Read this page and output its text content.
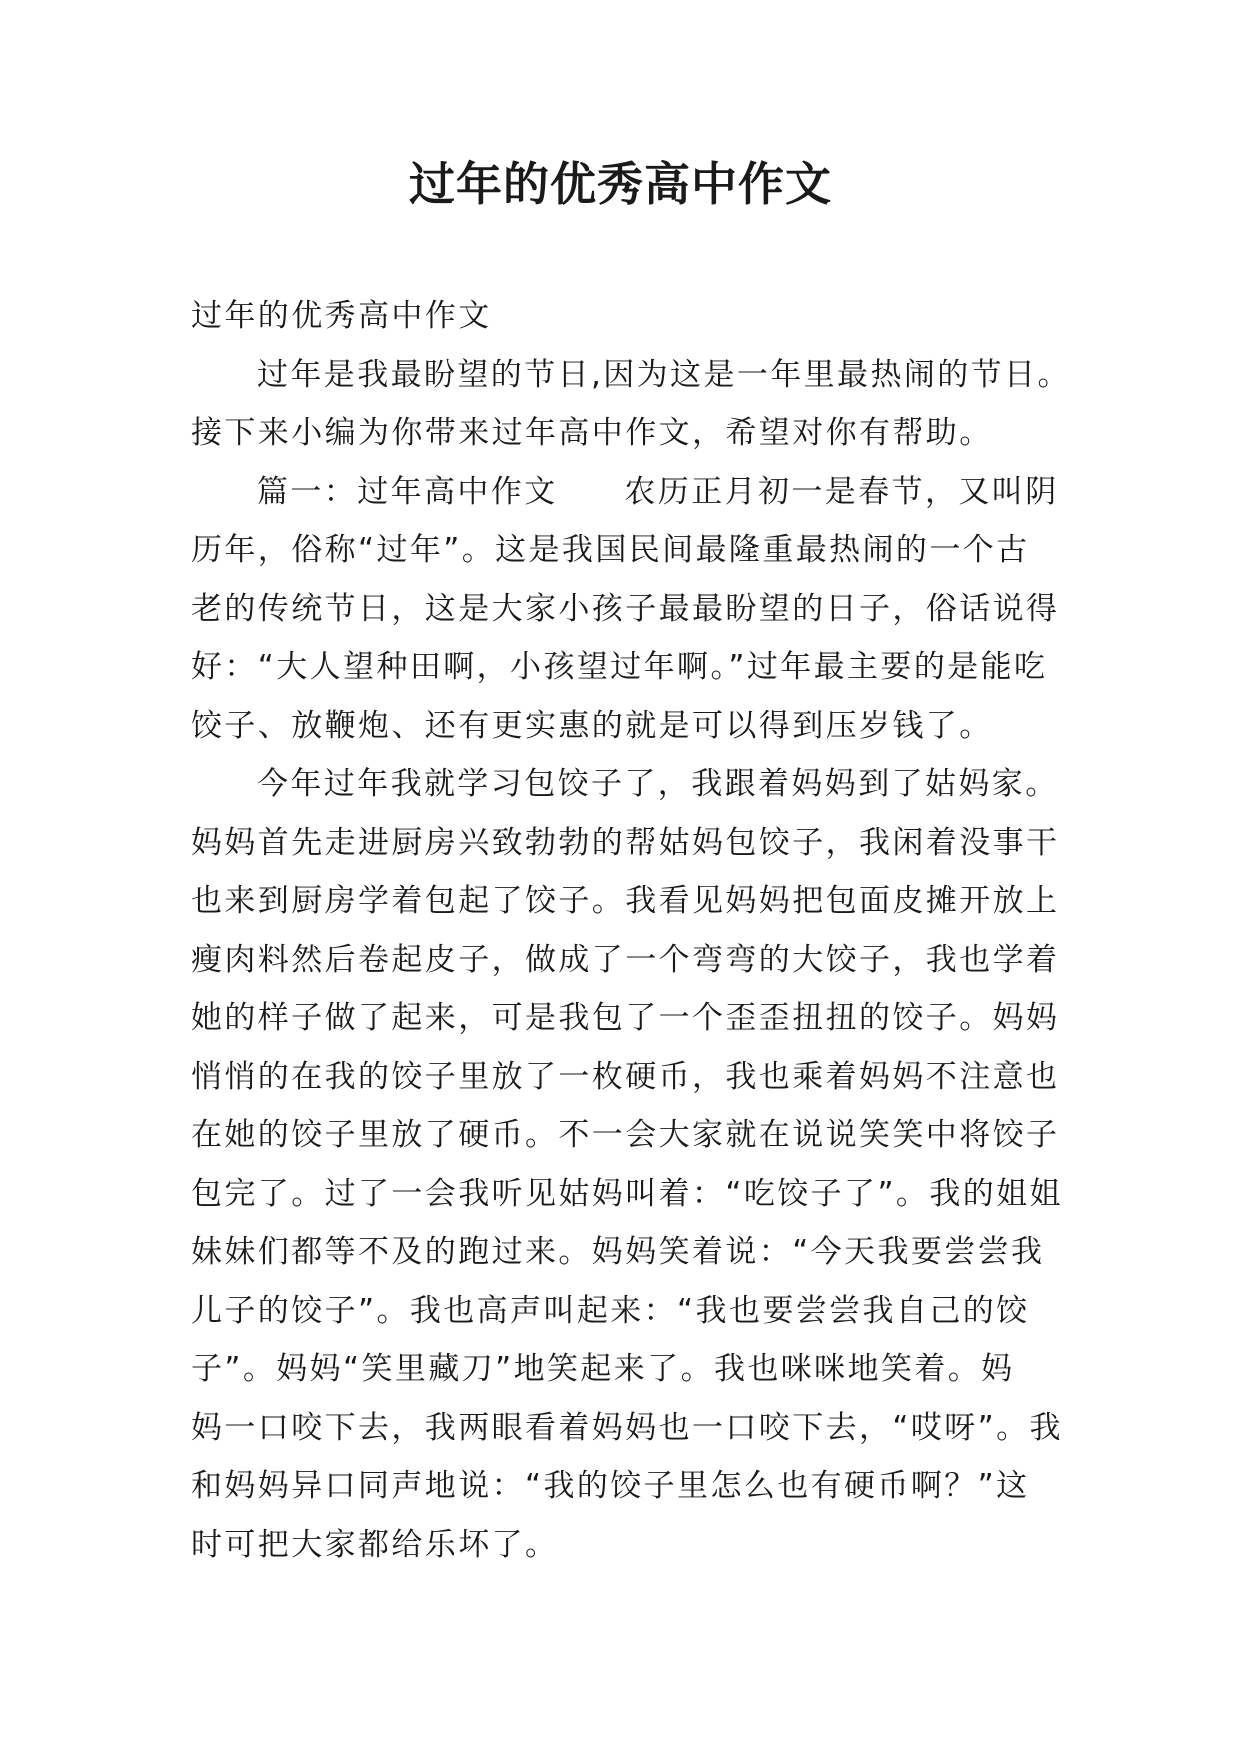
过年的优秀高中作文
过年的优秀高中作文
过年是我最盼望的节日,因为这是一年里最热闹的节日。
接下来小编为你带来过年高中作文，希望对你有帮助。
篇一：过年高中作文　　农历正月初一是春节，又叫阴
历年，俗称“过年”。这是我国民间最隆重最热闹的一个古
老的传统节日，这是大家小孩子最最盼望的日子，俗话说得
好：“大人望种田啊，小孩望过年啊。”过年最主要的是能吃
饺子、放鞭炮、还有更实惠的就是可以得到压岁钱了。
今年过年我就学习包饺子了，我跟着妈妈到了姑妈家。
妈妈首先走进厨房兴致勃勃的帮姑妈包饺子，我闲着没事干
也来到厨房学着包起了饺子。我看见妈妈把包面皮摊开放上
瘦肉料然后卷起皮子，做成了一个弯弯的大饺子，我也学着
她的样子做了起来，可是我包了一个歪歪扭扭的饺子。妈妈
悄悄的在我的饺子里放了一枚硬币，我也乘着妈妈不注意也
在她的饺子里放了硬币。不一会大家就在说说笑笑中将饺子
包完了。过了一会我听见姑妈叫着：“吃饺子了”。我的姐姐
妹妹们都等不及的跑过来。妈妈笑着说：“今天我要尝尝我
儿子的饺子”。我也高声叫起来：“我也要尝尝我自己的饺
子”。妈妈“笑里藏刀”地笑起来了。我也咪咪地笑着。妈
妈一口咬下去，我两眼看着妈妈也一口咬下去，“哎呀”。我
和妈妈异口同声地说：“我的饺子里怎么也有硬币啊？”这
时可把大家都给乐坏了。
